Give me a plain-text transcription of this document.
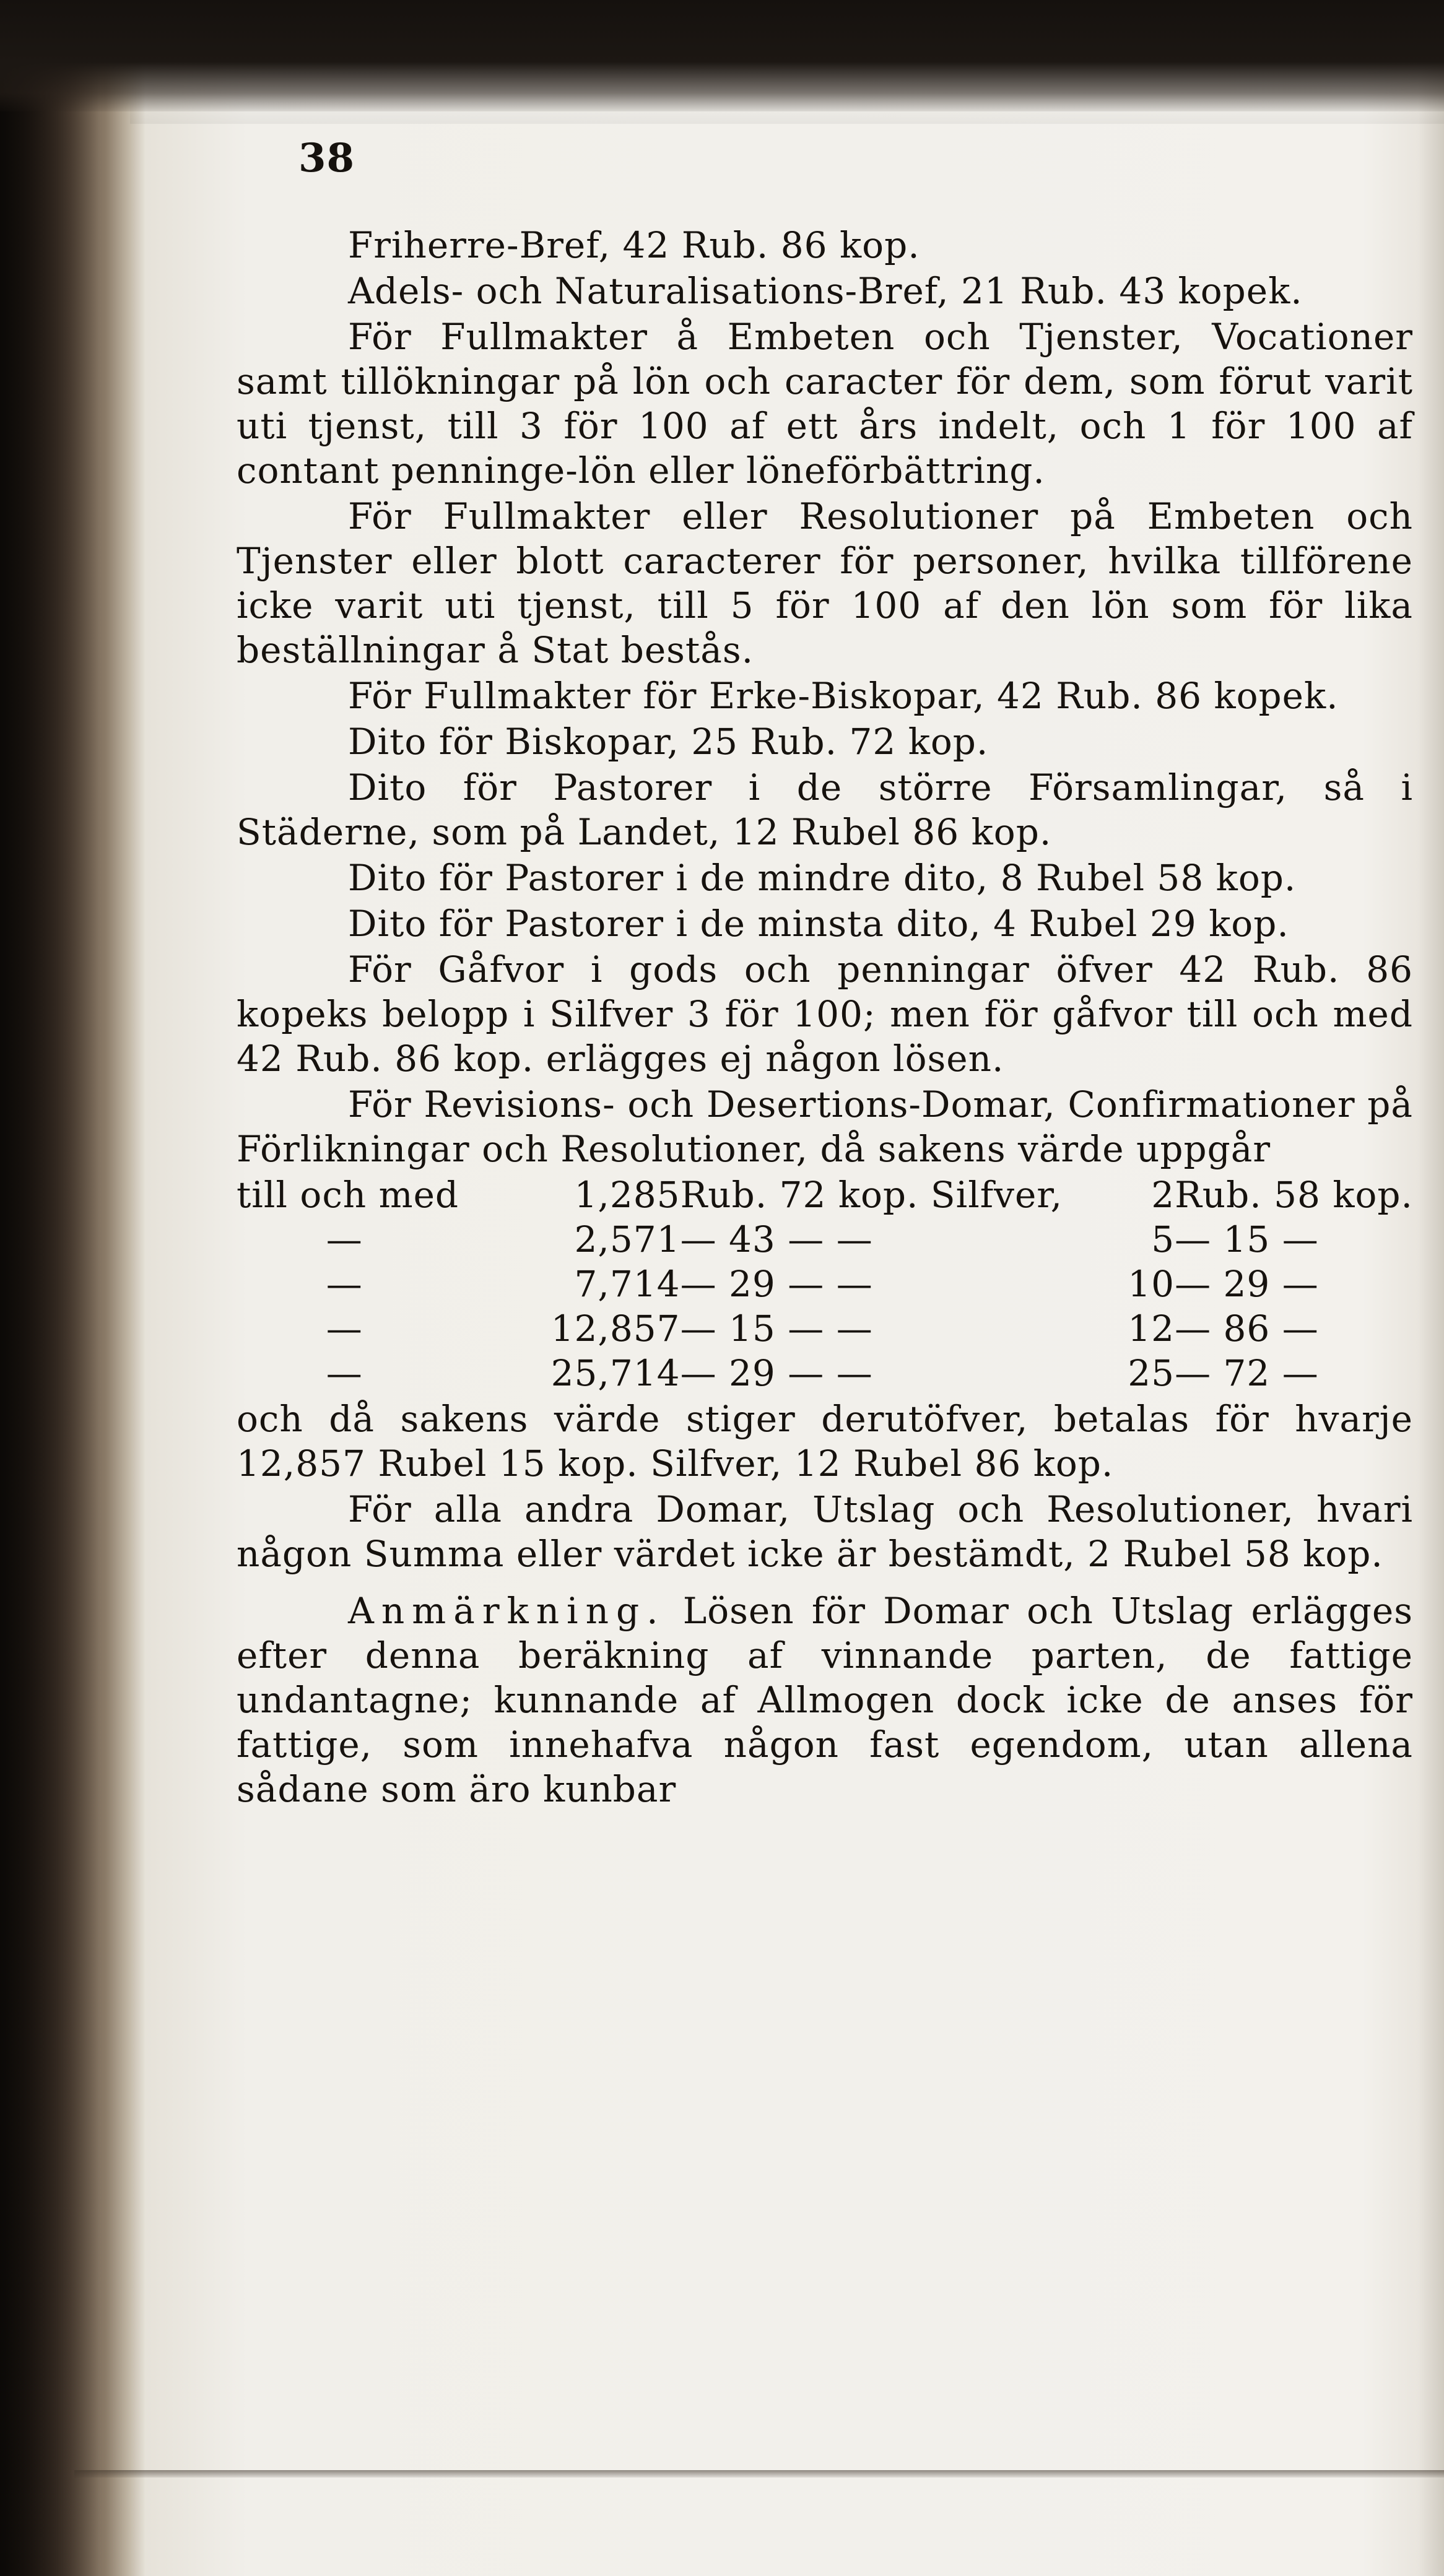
38

Friherre-Bref, 42 Rub. 86 kop.

Adels- och Naturalisations-Bref, 21 Rub. 43 kopek.

För Fullmakter å Embeten och Tjenster, Vocationer samt tillökningar på lön och caracter för dem, som förut varit uti tjenst, till 3 för 100 af ett års indelt, och 1 för 100 af contant penninge-lön eller löneförbättring.

För Fullmakter eller Resolutioner på Embeten och Tjenster eller blott caracterer för personer, hvilka tillförene icke varit uti tjenst, till 5 för 100 af den lön som för lika beställningar å Stat bestås.

För Fullmakter för Erke-Biskopar, 42 Rub. 86 kopek.

Dito för Biskopar, 25 Rub. 72 kop.

Dito för Pastorer i de större Församlingar, så i Städerne, som på Landet, 12 Rubel 86 kop.

Dito för Pastorer i de mindre dito, 8 Rubel 58 kop.

Dito för Pastorer i de minsta dito, 4 Rubel 29 kop.

För Gåfvor i gods och penningar öfver 42 Rub. 86 kopeks belopp i Silfver 3 för 100; men för gåfvor till och med 42 Rub. 86 kop. erlägges ej någon lösen.

För Revisions- och Desertions-Domar, Confirmationer på Förlikningar och Resolutioner, då sakens värde uppgår

till och med	1,285	Rub. 72 kop. Silfver,	2	Rub. 58 kop.
—	2,571	— 43 — —	5	— 15 —
—	7,714	— 29 — —	10	— 29 —
—	12,857	— 15 — —	12	— 86 —
—	25,714	— 29 — —	25	— 72 —

och då sakens värde stiger derutöfver, betalas för hvarje 12,857 Rubel 15 kop. Silfver, 12 Rubel 86 kop.

För alla andra Domar, Utslag och Resolutioner, hvari någon Summa eller värdet icke är bestämdt, 2 Rubel 58 kop.

Anmärkning. Lösen för Domar och Utslag erlägges efter denna beräkning af vinnande parten, de fattige undantagne; kunnande af Allmogen dock icke de anses för fattige, som innehafva någon fast egendom, utan allena sådane som äro kunbar
